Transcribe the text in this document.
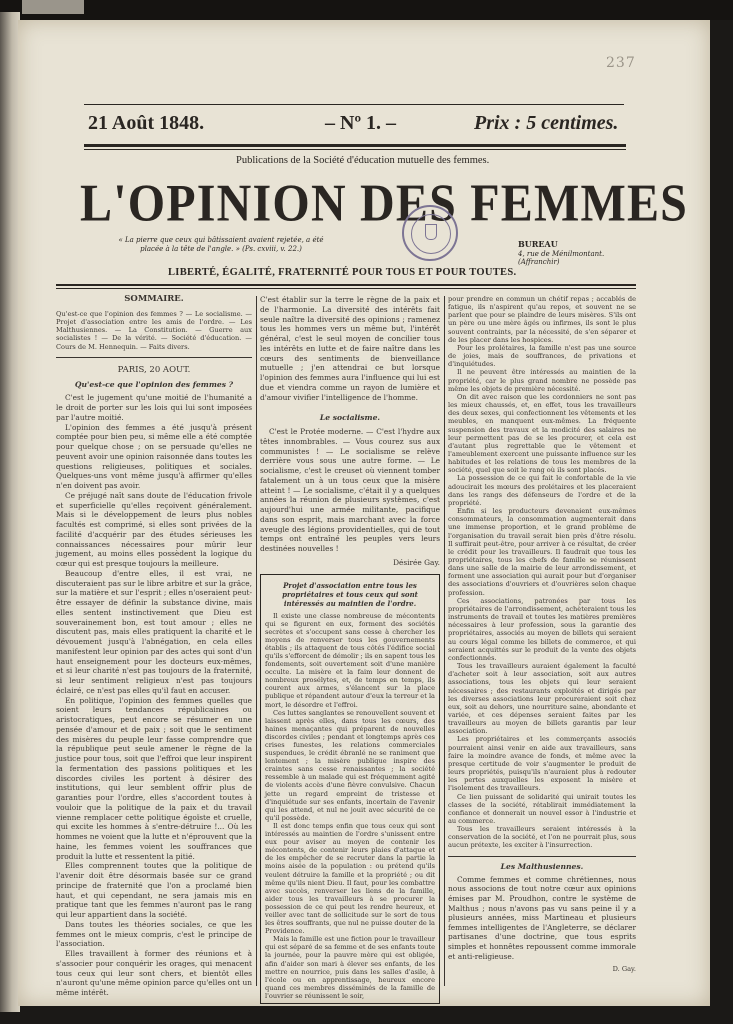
237
21 Août 1848.	– Nº 1. –	Prix : 5 centimes.
Publications de la Société d'éducation mutuelle des femmes.
L'OPINION DES FEMMES
« La pierre que ceux qui bâtissaient avaient rejetée, a été placée à la tête de l'angle. » (Ps. cxviii, v. 22.)	BUREAU
4, rue de Ménilmontant. (Affranchir)
LIBERTÉ, ÉGALITÉ, FRATERNITÉ POUR TOUS ET POUR TOUTES.
SOMMAIRE.
Qu'est-ce que l'opinion des femmes ? — Le socialisme. — Projet d'association entre les amis de l'ordre. — Les Malthusiennes. — La Constitution. — Guerre aux socialistes ! — De la vérité. — Société d'éducation. — Cours de M. Hennequin. — Faits divers.
PARIS, 20 AOUT.
Qu'est-ce que l'opinion des femmes ?

C'est le jugement qu'une moitié de l'humanité a le droit de porter sur les lois qui lui sont imposées par l'autre moitié.

L'opinion des femmes a été jusqu'à présent comptée pour bien peu, si même elle a été comptée pour quelque chose ; on se persuade qu'elles ne peuvent avoir une opinion raisonnée dans toutes les questions religieuses, politiques et sociales. Quelques-uns vont même jusqu'à affirmer qu'elles n'en doivent pas avoir.

Ce préjugé naît sans doute de l'éducation frivole et superficielle qu'elles reçoivent généralement. Mais si le développement de leurs plus nobles facultés est comprimé, si elles sont privées de la facilité d'acquérir par des études sérieuses les connaissances nécessaires pour mûrir leur jugement, au moins elles possèdent la logique du cœur qui est presque toujours la meilleure.

Beaucoup d'entre elles, il est vrai, ne discuteraient pas sur le libre arbitre et sur la grâce, sur la matière et sur l'esprit ; elles n'oseraient peut-être essayer de définir la substance divine, mais elles sentent instinctivement que Dieu est souverainement bon, est tout amour ; elles ne discutent pas, mais elles pratiquent la charité et le dévouement jusqu'à l'abnégation, en cela elles manifestent leur opinion par des actes qui sont d'un haut enseignement pour les docteurs eux-mêmes, et si leur charité n'est pas toujours de la fraternité, si leur sentiment religieux n'est pas toujours éclairé, ce n'est pas elles qu'il faut en accuser.

En politique, l'opinion des femmes quelles que soient leurs tendances républicaines ou aristocratiques, peut encore se résumer en une pensée d'amour et de paix ; soit que le sentiment des misères du peuple leur fasse comprendre que la république peut seule amener le règne de la justice pour tous, soit que l'effroi que leur inspirent la fermentation des passions politiques et les discordes civiles les portent à désirer des institutions, qui leur semblent offrir plus de garanties pour l'ordre, elles s'accordent toutes à vouloir que la politique de la paix et du travail vienne remplacer cette politique égoïste et cruelle, qui excite les hommes à s'entre-détruire !... Où les hommes ne voient que la lutte et n'éprouvent que la haine, les femmes voient les souffrances que produit la lutte et ressentent la pitié.

Elles comprennent toutes que la politique de l'avenir doit être désormais basée sur ce grand principe de fraternité que l'on a proclamé bien haut, et qui cependant, ne sera jamais mis en pratique tant que les femmes n'auront pas le rang qui leur appartient dans la société.

Dans toutes les théories sociales, ce que les femmes ont le mieux compris, c'est le principe de l'association.

Elles travaillent à former des réunions et à s'associer pour conquérir les orages, qui menacent tous ceux qui leur sont chers, et bientôt elles n'auront qu'une même opinion parce qu'elles ont un même intérêt.

C'est établir sur la terre le règne de la paix et de l'harmonie. La diversité des intérêts fait seule naître la diversité des opinions ; ramenez tous les hommes vers un même but, l'intérêt général, c'est le seul moyen de concilier tous les intérêts en lutte et de faire naître dans les cœurs des sentiments de bienveillance mutuelle ; j'en attendrai ce but lorsque l'opinion des femmes aura l'influence qui lui est due et viendra comme un rayon de lumière et d'amour vivifier l'intelligence de l'homme.

Le socialisme.

C'est le Protée moderne. — C'est l'hydre aux têtes innombrables. — Vous courez sus aux communistes ! — Le socialisme se relève derrière vous sous une autre forme. — Le socialisme, c'est le creuset où viennent tomber fatalement un à un tous ceux que la misère atteint ! — Le socialisme, c'était il y a quelques années la réunion de plusieurs systèmes, c'est aujourd'hui une armée militante, pacifique dans son esprit, mais marchant avec la force aveugle des légions providentielles, qui de tout temps ont entraîné les peuples vers leurs destinées nouvelles !

Désirée Gay.
Projet d'association entre tous les propriétaires et tous ceux qui sont intéressés au maintien de l'ordre.

Il existe une classe nombreuse de mécontents qui se figurent en eux, forment des sociétés secrètes et s'occupent sans cesse à chercher les moyens de renverser tous les gouvernements établis ; ils attaquent de tous côtés l'édifice social qu'ils s'efforcent de démolir ; ils en sapent tous les fondements, soit ouvertement soit d'une manière occulte. La misère et la faim leur donnent de nombreux prosélytes, et, de temps en temps, ils courent aux armes, s'élancent sur la place publique et répandent autour d'eux la terreur et la mort, le désordre et l'effroi.

Ces luttes sanglantes se renouvellent souvent et laissent après elles, dans tous les cœurs, des haines menaçantes qui préparent de nouvelles discordes civiles ; pendant et longtemps après ces crises funestes, les relations commerciales suspendues, le crédit ébranlé ne se raniment que lentement ; la misère publique inspire des craintes sans cesse renaissantes ; la société ressemble à un malade qui est fréquemment agité de violents accès d'une fièvre convulsive. Chacun jette un regard empreint de tristesse et d'inquiétude sur ses enfants, incertain de l'avenir qui les attend, et nul ne jouit avec sécurité de ce qu'il possède.

Il est donc temps enfin que tous ceux qui sont intéressés au maintien de l'ordre s'unissent entre eux pour aviser au moyen de contenir les mécontents, de contenir leurs plaies d'attaque et de les empêcher de se recruter dans la partie la moins aisée de la population : ou prétend qu'ils veulent détruire la famille et la propriété ; ou dit même qu'ils nient Dieu. Il faut, pour les combattre avec succès, renverser les liens de la famille, aider tous les travailleurs à se procurer la possession de ce qui peut les rendre heureux, et veiller avec tant de sollicitude sur le sort de tous les êtres souffrants, que nul ne puisse douter de la Providence.

Mais la famille est une fiction pour le travailleur qui est séparé de sa femme et de ses enfants toute la journée, pour la pauvre mère qui est obligée, afin d'aider son mari à élever ses enfants, de les mettre en nourrice, puis dans les salles d'asile, à l'école ou en apprentissage, heureux encore quand ces membres disséminés de la famille de l'ouvrier se réunissent le soir,

pour prendre en commun un chétif repas ; accablés de fatigue, ils n'aspirent qu'au repos, et souvent ne se parlent que pour se plaindre de leurs misères. S'ils ont un père ou une mère âgés ou infirmes, ils sont le plus souvent contraints, par la nécessité, de s'en séparer et de les placer dans les hospices.

Pour les prolétaires, la famille n'est pas une source de joies, mais de souffrances, de privations et d'inquiétudes.

Il ne peuvent être intéressés au maintien de la propriété, car le plus grand nombre ne possède pas même les objets de première nécessité.

On dit avec raison que les cordonniers ne sont pas les mieux chaussés, et, en effet, tous les travailleurs des deux sexes, qui confectionnent les vêtements et les meubles, en manquent eux-mêmes. La fréquente suspension des travaux et la modicité des salaires ne leur permettent pas de se les procurer, et cela est d'autant plus regrettable que le vêtement et l'ameublement exercent une puissante influence sur les habitudes et les relations de tous les membres de la société, quel que soit le rang où ils sont placés.

La possession de ce qui fait le confortable de la vie adoucirait les mœurs des prolétaires et les placeraient dans les rangs des défenseurs de l'ordre et de la propriété.

Enfin si les producteurs devenaient eux-mêmes consommateurs, la consommation augmenterait dans une immense proportion, et le grand problème de l'organisation du travail serait bien près d'être résolu. Il suffirait peut-être, pour arriver à ce résultat, de créer le crédit pour les travailleurs. Il faudrait que tous les propriétaires, tous les chefs de famille se réunissent dans une salle de la mairie de leur arrondissement, et forment une association qui aurait pour but d'organiser des associations d'ouvriers et d'ouvrières selon chaque profession.

Ces associations, patronées par tous les propriétaires de l'arrondissement, achèteraient tous les instruments de travail et toutes les matières premières nécessaires à leur profession, sous la garantie des propriétaires, associés au moyen de billets qui seraient au cours légal comme les billets de commerce, et qui seraient acquittés sur le produit de la vente des objets confectionnés.

Tous les travailleurs auraient également la faculté d'acheter soit à leur association, soit aux autres associations, tous les objets qui leur seraient nécessaires ; des restaurants exploités et dirigés par les diverses associations leur procureraient soit chez eux, soit au dehors, une nourriture saine, abondante et variée, et ces dépenses seraient faites par les travailleurs au moyen de billets garantis par leur association.

Les propriétaires et les commerçants associés pourraient ainsi venir en aide aux travailleurs, sans faire la moindre avance de fonds, et même avec la presque certitude de voir s'augmenter le produit de leurs propriétés, puisqu'ils n'auraient plus à redouter les pertes auxquelles les exposent la misère et l'isolement des travailleurs.

Ce lien puissant de solidarité qui unirait toutes les classes de la société, rétablirait immédiatement la confiance et donnerait un nouvel essor à l'industrie et au commerce.

Tous les travailleurs seraient intéressés à la conservation de la société, et l'on ne pourrait plus, sous aucun prétexte, les exciter à l'insurrection.

Les Malthusiennes.

Comme femmes et comme chrétiennes, nous nous associons de tout notre cœur aux opinions émises par M. Proudhon, contre le système de Malthus ; nous n'avons pas vu sans peine il y a plusieurs années, miss Martineau et plusieurs femmes intelligentes de l'Angleterre, se déclarer partisanes d'une doctrine, que tous esprits simples et honnêtes repoussent comme immorale et anti-religieuse.

D. Gay.
